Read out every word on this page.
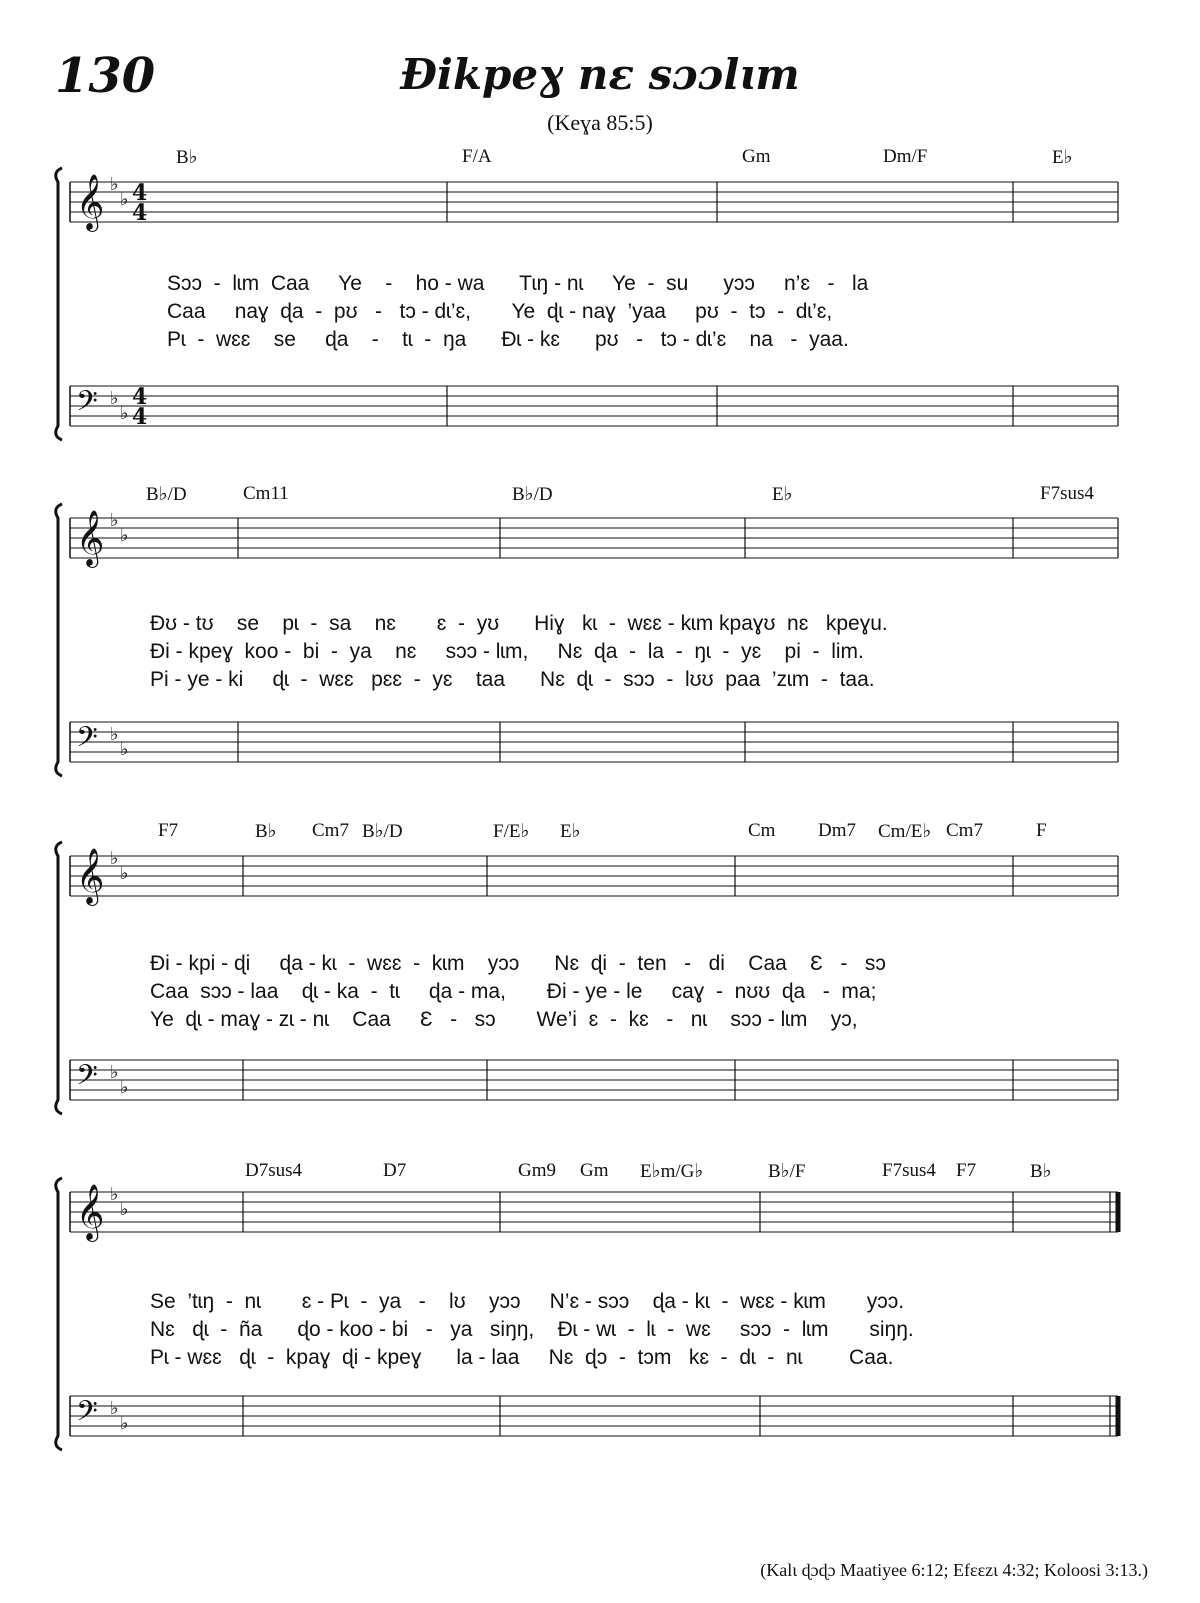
130	Đikpeɣ nɛ sɔɔlɩm
(Keɣa 85:5)
𝄞 ♭
♭ 4
4
𝄢 ♭
♭
4
4
𝄞 ♭
♭
𝄢 ♭
♭
𝄞 ♭
♭
𝄢 ♭
♭
𝄞 ♭
♭
𝄢 ♭
♭
B♭	F/A	Gm	Dm/F	E♭
Sɔɔ  -  lɩm  Caa     Ye    -    ho - wa      Tɩŋ - nɩ     Ye  -  su      yɔɔ     n’ɛ   -   la
Caa     naɣ  ɖa  -  pʊ   -   tɔ - dɩ’ɛ,       Ye  ɖɩ - naɣ  ’yaa     pʊ  -  tɔ  -  dɩ’ɛ,
Pɩ  -  wɛɛ    se     ɖa    -    tɩ  -  ŋa      Đɩ - kɛ      pʊ   -   tɔ - dɩ’ɛ    na   -  yaa.
B♭/D	Cm11	B♭/D	E♭	F7sus4
Đʊ - tʊ    se    pɩ  -  sa    nɛ       ɛ  -  yʊ      Hiɣ   kɩ  -  wɛɛ - kɩm kpaɣʊ  nɛ   kpeɣu.
Đi - kpeɣ  koo -  bi  -  ya    nɛ     sɔɔ - lɩm,     Nɛ  ɖa  -  la  -  ŋɩ  -  yɛ    pi  -  lim.
Pi - ye - ki     ɖɩ  -  wɛɛ   pɛɛ  -  yɛ    taa      Nɛ  ɖɩ  -  sɔɔ  -  lʊʊ  paa  ’zɩm  -  taa.
F7	B♭ Cm7 B♭/D	F/E♭ E♭	Cm Dm7 Cm/E♭ Cm7	F
Đi - kpi - ɖi     ɖa - kɩ  -  wɛɛ  -  kɩm    yɔɔ      Nɛ  ɖi  -  ten   -   di    Caa    Ɛ   -   sɔ
Caa  sɔɔ - laa    ɖɩ - ka  -  tɩ     ɖa - ma,       Đi - ye - le     caɣ  -  nʊʊ  ɖa   -  ma;
Ye  ɖɩ - maɣ - zɩ - nɩ    Caa     Ɛ   -   sɔ       We’i  ɛ  -  kɛ   -   nɩ    sɔɔ - lɩm    yɔ,
D7sus4	D7	Gm9 Gm E♭m/G♭	B♭/F	F7sus4 F7	B♭
Se  ’tɩŋ  -  nɩ       ɛ - Pɩ  -  ya   -    lʊ    yɔɔ     N’ɛ - sɔɔ    ɖa - kɩ  -  wɛɛ - kɩm       yɔɔ.
Nɛ   ɖɩ  -  ña      ɖo - koo - bi   -   ya   siŋŋ,    Đɩ - wɩ  -  lɩ  -  wɛ     sɔɔ  -  lɩm       siŋŋ.
Pɩ - wɛɛ   ɖɩ  -  kpaɣ  ɖi - kpeɣ      la - laa     Nɛ  ɖɔ  -  tɔm   kɛ  -  dɩ  -  nɩ        Caa.
(Kalɩ ɖɔɖɔ Maatiyee 6:12; Efɛɛzɩ 4:32; Koloosi 3:13.)
